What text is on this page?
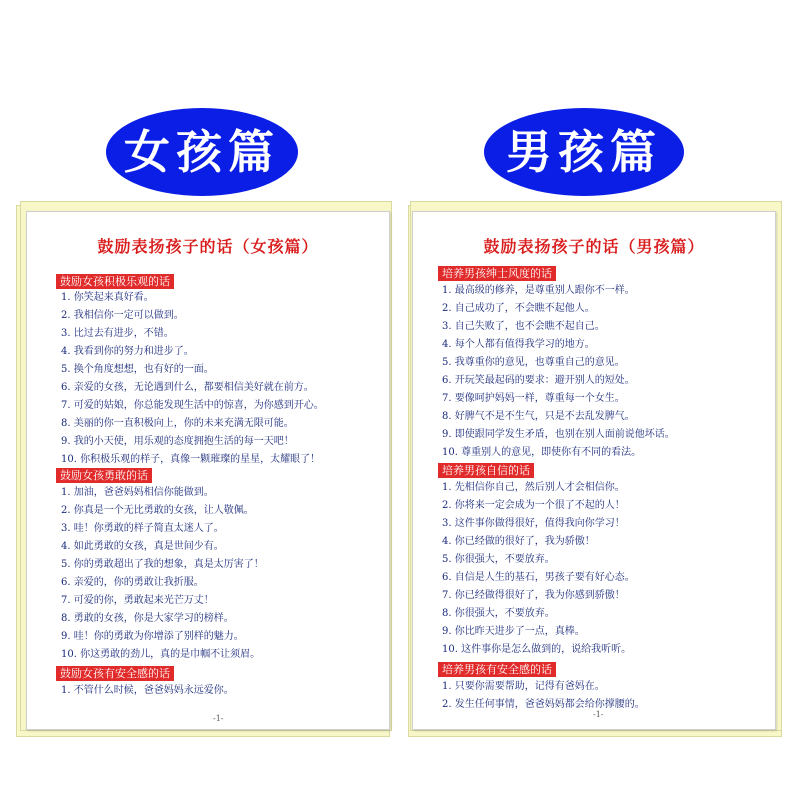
鼓励表扬孩子的话（女孩篇）
鼓励女孩积极乐观的话
1. 你笑起来真好看。
2. 我相信你一定可以做到。
3. 比过去有进步，不错。
4. 我看到你的努力和进步了。
5. 换个角度想想，也有好的一面。
6. 亲爱的女孩，无论遇到什么，都要相信美好就在前方。
7. 可爱的姑娘，你总能发现生活中的惊喜，为你感到开心。
8. 美丽的你一直积极向上，你的未来充满无限可能。
9. 我的小天使，用乐观的态度拥抱生活的每一天吧！
10. 你积极乐观的样子，真像一颗璀璨的星星，太耀眼了！
鼓励女孩勇敢的话
1. 加油，爸爸妈妈相信你能做到。
2. 你真是一个无比勇敢的女孩，让人敬佩。
3. 哇！你勇敢的样子简直太迷人了。
4. 如此勇敢的女孩，真是世间少有。
5. 你的勇敢超出了我的想象，真是太厉害了！
6. 亲爱的，你的勇敢让我折服。
7. 可爱的你，勇敢起来光芒万丈！
8. 勇敢的女孩，你是大家学习的榜样。
9. 哇！你的勇敢为你增添了别样的魅力。
10. 你这勇敢的劲儿，真的是巾帼不让须眉。
鼓励女孩有安全感的话
1. 不管什么时候，爸爸妈妈永远爱你。
-1-
鼓励表扬孩子的话（男孩篇）
培养男孩绅士风度的话
1. 最高级的修养，是尊重别人跟你不一样。
2. 自己成功了，不会瞧不起他人。
3. 自己失败了，也不会瞧不起自己。
4. 每个人都有值得我学习的地方。
5. 我尊重你的意见，也尊重自己的意见。
6. 开玩笑最起码的要求：避开别人的短处。
7. 要像呵护妈妈一样，尊重每一个女生。
8. 好脾气不是不生气，只是不去乱发脾气。
9. 即使跟同学发生矛盾，也别在别人面前说他坏话。
10. 尊重别人的意见，即使你有不同的看法。
培养男孩自信的话
1. 先相信你自己，然后别人才会相信你。
2. 你将来一定会成为一个很了不起的人！
3. 这件事你做得很好，值得我向你学习！
4. 你已经做的很好了，我为骄傲！
5. 你很强大，不要放弃。
6. 自信是人生的基石，男孩子要有好心态。
7. 你已经做得很好了，我为你感到骄傲！
8. 你很强大，不要放弃。
9. 你比昨天进步了一点，真棒。
10. 这件事你是怎么做到的，说给我听听。
培养男孩有安全感的话
1. 只要你需要帮助，记得有爸妈在。
2. 发生任何事情，爸爸妈妈都会给你撑腰的。
-1-
女孩篇	男孩篇
